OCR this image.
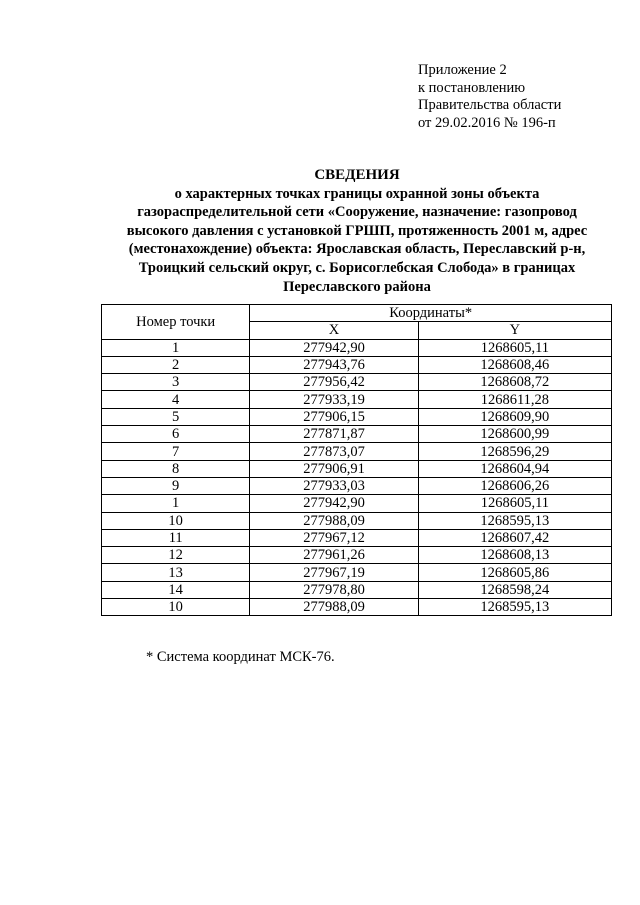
Приложение 2
к постановлению
Правительства области
от 29.02.2016 № 196-п
СВЕДЕНИЯ
о характерных точках границы охранной зоны объекта
газораспределительной сети «Сооружение, назначение: газопровод
высокого давления с установкой ГРШП, протяженность 2001 м, адрес
(местонахождение) объекта: Ярославская область, Переславский р-н,
Троицкий сельский округ, с. Борисоглебская Слобода» в границах
Переславского района
Номер точки	Координаты*	
	X	Y
1	277942,90	1268605,11
2	277943,76	1268608,46
3	277956,42	1268608,72
4	277933,19	1268611,28
5	277906,15	1268609,90
6	277871,87	1268600,99
7	277873,07	1268596,29
8	277906,91	1268604,94
9	277933,03	1268606,26
1	277942,90	1268605,11
10	277988,09	1268595,13
11	277967,12	1268607,42
12	277961,26	1268608,13
13	277967,19	1268605,86
14	277978,80	1268598,24
10	277988,09	1268595,13
* Система координат МСК-76.
